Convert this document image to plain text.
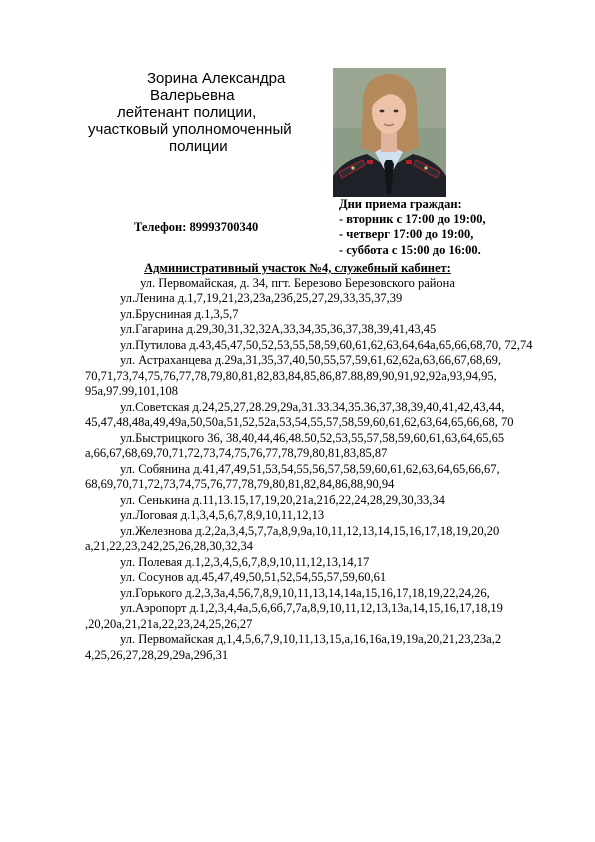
Зорина Александра
Валерьевна
лейтенант полиции,
участковый уполномоченный
полиции
Телефон: 89993700340
Дни приема граждан:
- вторник с 17:00 до 19:00,
- четверг 17:00 до 19:00,
- суббота с 15:00 до 16:00.
Административный участок №4, служебный кабинет:
ул. Первомайская, д. 34, пгт. Березово Березовского района

ул.Ленина д.1,7,19,21,23,23а,23б,25,27,29,33,35,37,39

ул.Брусниная д.1,3,5,7

ул.Гагарина д.29,30,31,32,32А,33,34,35,36,37,38,39,41,43,45

ул.Путилова д.43,45,47,50,52,53,55,58,59,60,61,62,63,64,64а,65,66,68,70, 72,74

ул. Астраханцева д.29а,31,35,37,40,50,55,57,59,61,62,62а,63,66,67,68,69, 70,71,73,74,75,76,77,78,79,80,81,82,83,84,85,86,87.88,89,90,91,92,92а,93,94,95, 95а,97.99,101,108

ул.Советская д.24,25,27,28.29,29а,31.33.34,35.36,37,38,39,40,41,42,43,44, 45,47,48,48а,49,49а,50,50а,51,52,52а,53,54,55,57,58,59,60,61,62,63,64,65,66,68, 70

ул.Быстрицкого 36, 38,40,44,46,48.50,52,53,55,57,58,59,60,61,63,64,65,65 а,66,67,68,69,70,71,72,73,74,75,76,77,78,79,80,81,83,85,87

ул. Собянина д.41,47,49,51,53,54,55,56,57,58,59,60,61,62,63,64,65,66,67, 68,69,70,71,72,73,74,75,76,77,78,79,80,81,82,84,86,88,90,94

ул. Сенькина д.11,13.15,17,19,20,21а,21б,22,24,28,29,30,33,34

ул.Логовая д.1,3,4,5,6,7,8,9,10,11,12,13

ул.Железнова д.2,2а,3,4,5,7,7а,8,9,9а,10,11,12,13,14,15,16,17,18,19,20,20 а,21,22,23,242,25,26,28,30,32,34

ул. Полевая д.1,2,3,4,5,6,7,8,9,10,11,12,13,14,17

ул. Сосунов ад.45,47,49,50,51,52,54,55,57,59,60,61

ул.Горького д.2,3,3а,4,56,7,8,9,10,11,13,14,14а,15,16,17,18,19,22,24,26,

ул.Аэропорт д.1,2,3,4,4а,5,6,6б,7,7а,8,9,10,11,12,13,13а,14,15,16,17,18,19 ,20,20а,21,21а,22,23,24,25,26,27

ул. Первомайская д,1,4,5,6,7,9,10,11,13,15,а,16,16а,19,19а,20,21,23,23а,2 4,25,26,27,28,29,29а,29б,31
